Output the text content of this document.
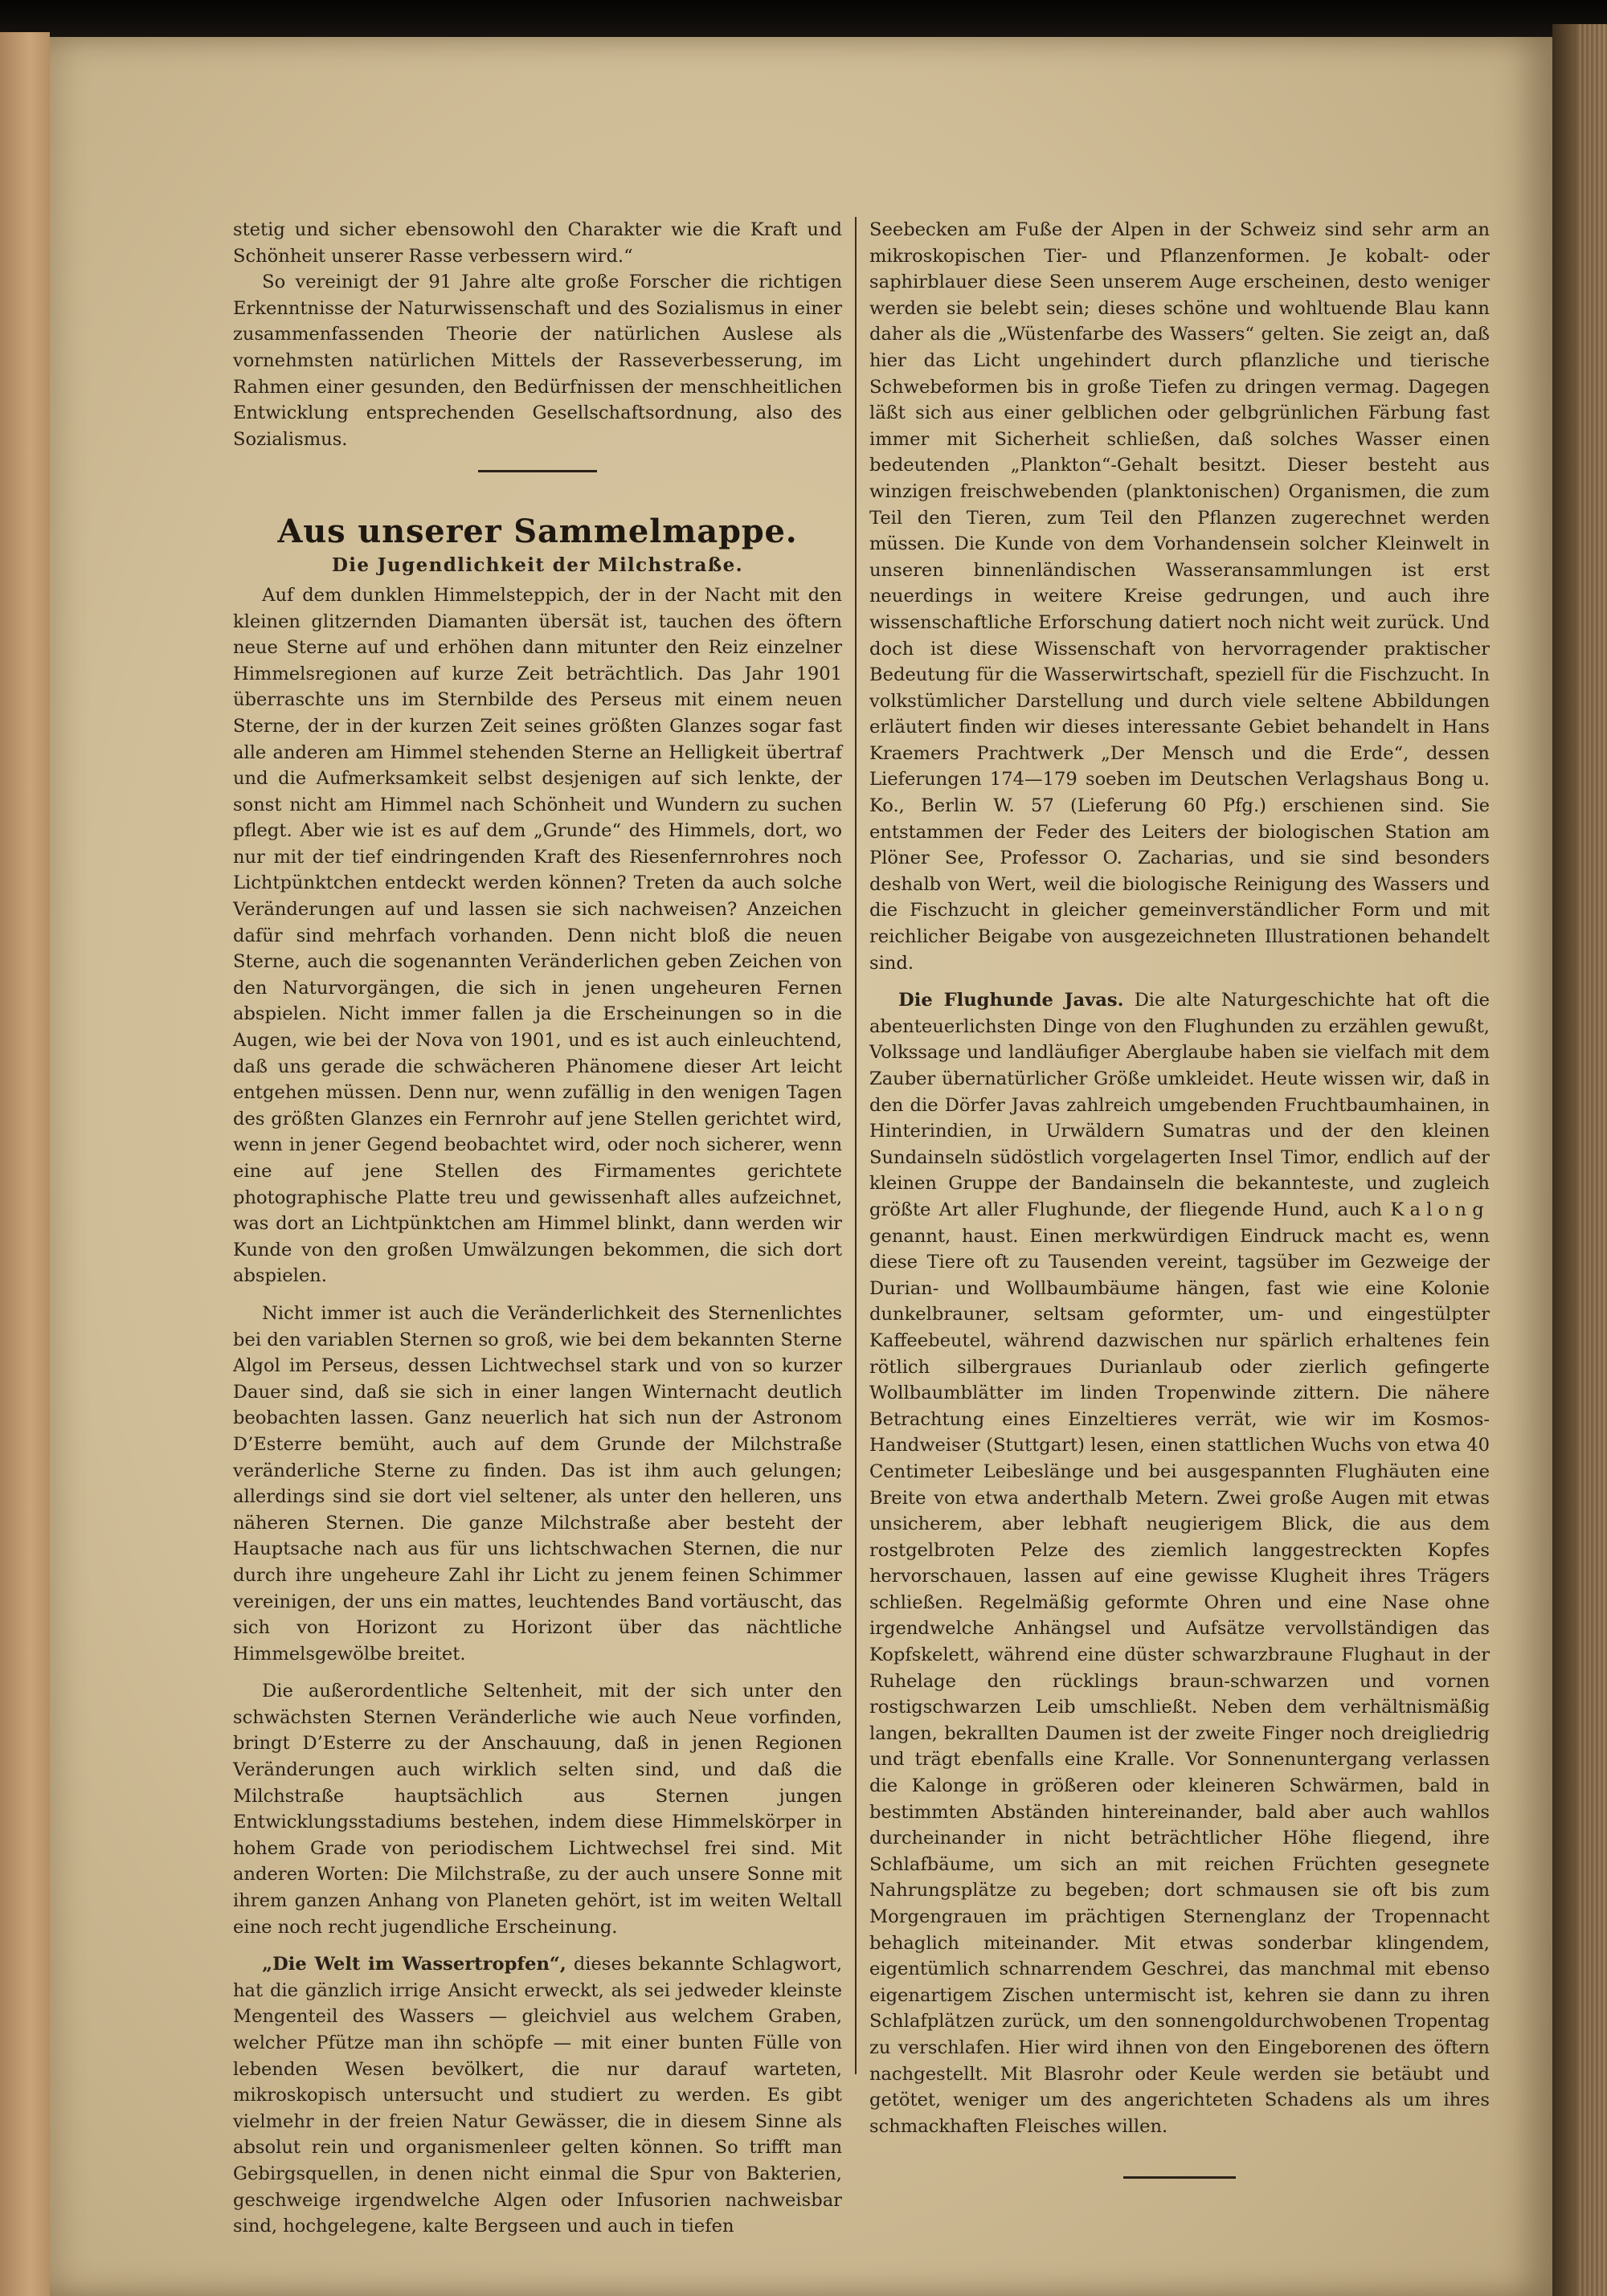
stetig und sicher ebensowohl den Charakter wie die Kraft und Schönheit unserer Rasse verbessern wird.“

So vereinigt der 91 Jahre alte große Forscher die richtigen Erkenntnisse der Naturwissenschaft und des Sozialismus in einer zusammenfassenden Theorie der natürlichen Auslese als vornehmsten natürlichen Mittels der Rasseverbesserung, im Rahmen einer gesunden, den Bedürfnissen der menschheitlichen Entwicklung entsprechenden Gesellschaftsordnung, also des Sozialismus.

Aus unserer Sammelmappe.
Die Jugendlichkeit der Milchstraße.

Auf dem dunklen Himmelsteppich, der in der Nacht mit den kleinen glitzernden Diamanten übersät ist, tauchen des öftern neue Sterne auf und erhöhen dann mitunter den Reiz einzelner Himmelsregionen auf kurze Zeit beträchtlich. Das Jahr 1901 überraschte uns im Sternbilde des Perseus mit einem neuen Sterne, der in der kurzen Zeit seines größten Glanzes sogar fast alle anderen am Himmel stehenden Sterne an Helligkeit übertraf und die Aufmerksamkeit selbst desjenigen auf sich lenkte, der sonst nicht am Himmel nach Schönheit und Wundern zu suchen pflegt. Aber wie ist es auf dem „Grunde“ des Himmels, dort, wo nur mit der tief eindringenden Kraft des Riesenfernrohres noch Lichtpünktchen entdeckt werden können? Treten da auch solche Veränderungen auf und lassen sie sich nachweisen? Anzeichen dafür sind mehrfach vorhanden. Denn nicht bloß die neuen Sterne, auch die sogenannten Veränderlichen geben Zeichen von den Naturvorgängen, die sich in jenen ungeheuren Fernen abspielen. Nicht immer fallen ja die Erscheinungen so in die Augen, wie bei der Nova von 1901, und es ist auch einleuchtend, daß uns gerade die schwächeren Phänomene dieser Art leicht entgehen müssen. Denn nur, wenn zufällig in den wenigen Tagen des größten Glanzes ein Fernrohr auf jene Stellen gerichtet wird, wenn in jener Gegend beobachtet wird, oder noch sicherer, wenn eine auf jene Stellen des Firmamentes gerichtete photographische Platte treu und gewissenhaft alles aufzeichnet, was dort an Lichtpünktchen am Himmel blinkt, dann werden wir Kunde von den großen Umwälzungen bekommen, die sich dort abspielen.

Nicht immer ist auch die Veränderlichkeit des Sternenlichtes bei den variablen Sternen so groß, wie bei dem bekannten Sterne Algol im Perseus, dessen Lichtwechsel stark und von so kurzer Dauer sind, daß sie sich in einer langen Winternacht deutlich beobachten lassen. Ganz neuerlich hat sich nun der Astronom D’Esterre bemüht, auch auf dem Grunde der Milchstraße veränderliche Sterne zu finden. Das ist ihm auch gelungen; allerdings sind sie dort viel seltener, als unter den helleren, uns näheren Sternen. Die ganze Milchstraße aber besteht der Hauptsache nach aus für uns lichtschwachen Sternen, die nur durch ihre ungeheure Zahl ihr Licht zu jenem feinen Schimmer vereinigen, der uns ein mattes, leuchtendes Band vortäuscht, das sich von Horizont zu Horizont über das nächtliche Himmelsgewölbe breitet.

Die außerordentliche Seltenheit, mit der sich unter den schwächsten Sternen Veränderliche wie auch Neue vorfinden, bringt D’Esterre zu der Anschauung, daß in jenen Regionen Veränderungen auch wirklich selten sind, und daß die Milchstraße hauptsächlich aus Sternen jungen Entwicklungsstadiums bestehen, indem diese Himmelskörper in hohem Grade von periodischem Lichtwechsel frei sind. Mit anderen Worten: Die Milchstraße, zu der auch unsere Sonne mit ihrem ganzen Anhang von Planeten gehört, ist im weiten Weltall eine noch recht jugendliche Erscheinung.

„Die Welt im Wassertropfen“, dieses bekannte Schlagwort, hat die gänzlich irrige Ansicht erweckt, als sei jedweder kleinste Mengenteil des Wassers — gleichviel aus welchem Graben, welcher Pfütze man ihn schöpfe — mit einer bunten Fülle von lebenden Wesen bevölkert, die nur darauf warteten, mikroskopisch untersucht und studiert zu werden. Es gibt vielmehr in der freien Natur Gewässer, die in diesem Sinne als absolut rein und organismenleer gelten können. So trifft man Gebirgsquellen, in denen nicht einmal die Spur von Bakterien, geschweige irgendwelche Algen oder Infusorien nachweisbar sind, hochgelegene, kalte Bergseen und auch in tiefen

Seebecken am Fuße der Alpen in der Schweiz sind sehr arm an mikroskopischen Tier- und Pflanzenformen. Je kobalt- oder saphirblauer diese Seen unserem Auge erscheinen, desto weniger werden sie belebt sein; dieses schöne und wohltuende Blau kann daher als die „Wüstenfarbe des Wassers“ gelten. Sie zeigt an, daß hier das Licht ungehindert durch pflanzliche und tierische Schwebeformen bis in große Tiefen zu dringen vermag. Dagegen läßt sich aus einer gelblichen oder gelbgrünlichen Färbung fast immer mit Sicherheit schließen, daß solches Wasser einen bedeutenden „Plankton“-Gehalt besitzt. Dieser besteht aus winzigen freischwebenden (planktonischen) Organismen, die zum Teil den Tieren, zum Teil den Pflanzen zugerechnet werden müssen. Die Kunde von dem Vorhandensein solcher Kleinwelt in unseren binnenländischen Wasseransammlungen ist erst neuerdings in weitere Kreise gedrungen, und auch ihre wissenschaftliche Erforschung datiert noch nicht weit zurück. Und doch ist diese Wissenschaft von hervorragender praktischer Bedeutung für die Wasserwirtschaft, speziell für die Fischzucht. In volkstümlicher Darstellung und durch viele seltene Abbildungen erläutert finden wir dieses interessante Gebiet behandelt in Hans Kraemers Prachtwerk „Der Mensch und die Erde“, dessen Lieferungen 174—179 soeben im Deutschen Verlagshaus Bong u. Ko., Berlin W. 57 (Lieferung 60 Pfg.) erschienen sind. Sie entstammen der Feder des Leiters der biologischen Station am Plöner See, Professor O. Zacharias, und sie sind besonders deshalb von Wert, weil die biologische Reinigung des Wassers und die Fischzucht in gleicher gemeinverständlicher Form und mit reichlicher Beigabe von ausgezeichneten Illustrationen behandelt sind.

Die Flughunde Javas. Die alte Naturgeschichte hat oft die abenteuerlichsten Dinge von den Flughunden zu erzählen gewußt, Volkssage und landläufiger Aberglaube haben sie vielfach mit dem Zauber übernatürlicher Größe umkleidet. Heute wissen wir, daß in den die Dörfer Javas zahlreich umgebenden Fruchtbaumhainen, in Hinterindien, in Urwäldern Sumatras und der den kleinen Sundainseln südöstlich vorgelagerten Insel Timor, endlich auf der kleinen Gruppe der Bandainseln die bekannteste, und zugleich größte Art aller Flughunde, der fliegende Hund, auch Kalong genannt, haust. Einen merkwürdigen Eindruck macht es, wenn diese Tiere oft zu Tausenden vereint, tagsüber im Gezweige der Durian- und Wollbaumbäume hängen, fast wie eine Kolonie dunkelbrauner, seltsam geformter, um- und eingestülpter Kaffeebeutel, während dazwischen nur spärlich erhaltenes fein rötlich silbergraues Durianlaub oder zierlich gefingerte Wollbaumblätter im linden Tropenwinde zittern. Die nähere Betrachtung eines Einzeltieres verrät, wie wir im Kosmos-Handweiser (Stuttgart) lesen, einen stattlichen Wuchs von etwa 40 Centimeter Leibeslänge und bei ausgespannten Flughäuten eine Breite von etwa anderthalb Metern. Zwei große Augen mit etwas unsicherem, aber lebhaft neugierigem Blick, die aus dem rostgelbroten Pelze des ziemlich langgestreckten Kopfes hervorschauen, lassen auf eine gewisse Klugheit ihres Trägers schließen. Regelmäßig geformte Ohren und eine Nase ohne irgendwelche Anhängsel und Aufsätze vervollständigen das Kopfskelett, während eine düster schwarzbraune Flughaut in der Ruhelage den rücklings braun-schwarzen und vornen rostigschwarzen Leib umschließt. Neben dem verhältnismäßig langen, bekrallten Daumen ist der zweite Finger noch dreigliedrig und trägt ebenfalls eine Kralle. Vor Sonnenuntergang verlassen die Kalonge in größeren oder kleineren Schwärmen, bald in bestimmten Abständen hintereinander, bald aber auch wahllos durcheinander in nicht beträchtlicher Höhe fliegend, ihre Schlafbäume, um sich an mit reichen Früchten gesegnete Nahrungsplätze zu begeben; dort schmausen sie oft bis zum Morgengrauen im prächtigen Sternenglanz der Tropennacht behaglich miteinander. Mit etwas sonderbar klingendem, eigentümlich schnarrendem Geschrei, das manchmal mit ebenso eigenartigem Zischen untermischt ist, kehren sie dann zu ihren Schlafplätzen zurück, um den sonnengoldurchwobenen Tropentag zu verschlafen. Hier wird ihnen von den Eingeborenen des öftern nachgestellt. Mit Blasrohr oder Keule werden sie betäubt und getötet, weniger um des angerichteten Schadens als um ihres schmackhaften Fleisches willen.
